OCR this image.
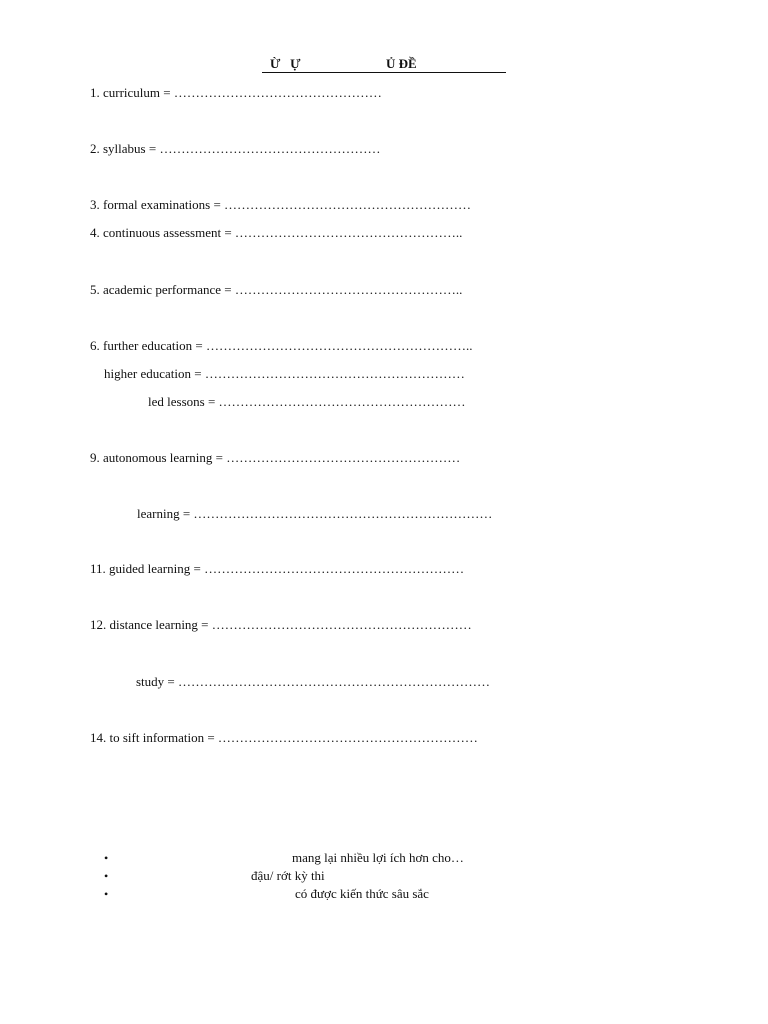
Ừ   Ự	Ủ ĐỀ
1. curriculum = …………………………………………
2. syllabus = ……………………………………………
3. formal examinations = …………………………………………………
4. continuous assessment = ……………………………………………..
5. academic performance = ……………………………………………..
6. further education = ……………………………………………………..
higher education = ……………………………………………………
led lessons = …………………………………………………
9. autonomous learning = ………………………………………………
learning = ……………………………………………………………
11. guided learning = ……………………………………………………
12. distance learning = ……………………………………………………
study = ………………………………………………………………
14. to sift information = ……………………………………………………
•	mang lại nhiều lợi ích hơn cho…
•	đậu/ rớt kỳ thi
•	có được kiến thức sâu sắc
